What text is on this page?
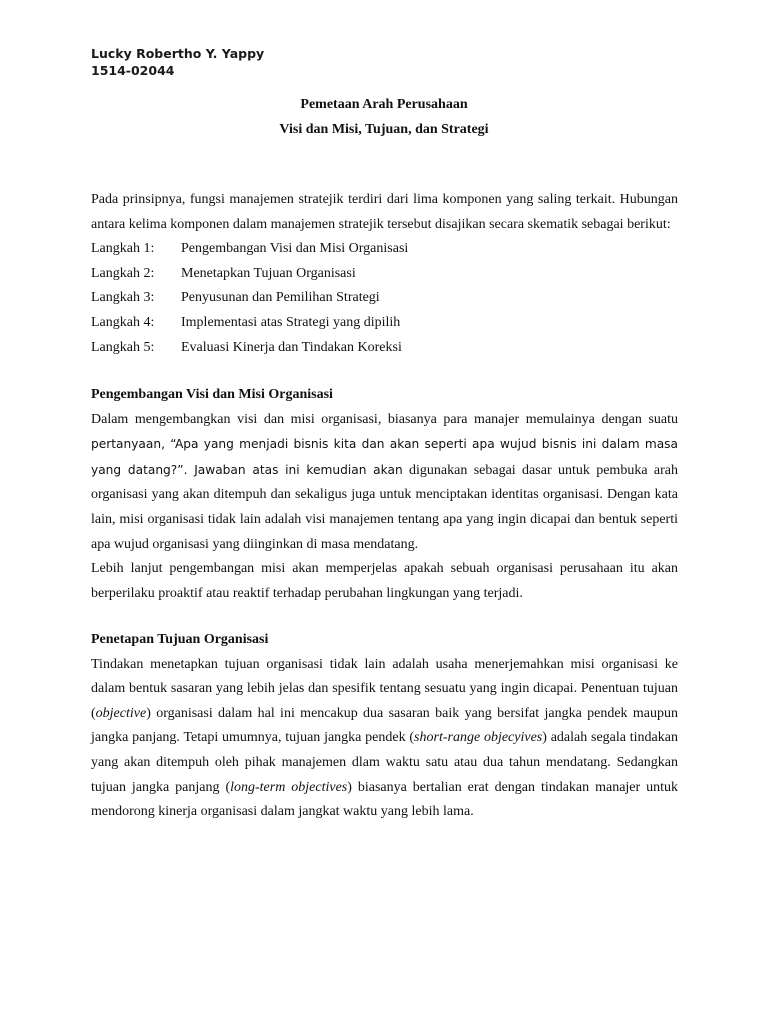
Lucky Robertho Y. Yappy
1514-02044
Pemetaan Arah Perusahaan
Visi dan Misi, Tujuan, dan Strategi

Pada prinsipnya, fungsi manajemen stratejik terdiri dari lima komponen yang saling terkait. Hubungan antara kelima komponen dalam manajemen stratejik tersebut disajikan secara skematik sebagai berikut:

Langkah 1:	Pengembangan Visi dan Misi Organisasi
Langkah 2:	Menetapkan Tujuan Organisasi
Langkah 3:	Penyusunan dan Pemilihan Strategi
Langkah 4:	Implementasi atas Strategi yang dipilih
Langkah 5:	Evaluasi Kinerja dan Tindakan Koreksi
Pengembangan Visi dan Misi Organisasi

Dalam mengembangkan visi dan misi organisasi, biasanya para manajer memulainya dengan suatu pertanyaan, “Apa yang menjadi bisnis kita dan akan seperti apa wujud bisnis ini dalam masa yang datang?”. Jawaban atas ini kemudian akan digunakan sebagai dasar untuk pembuka arah organisasi yang akan ditempuh dan sekaligus juga untuk menciptakan identitas organisasi. Dengan kata lain, misi organisasi tidak lain adalah visi manajemen tentang apa yang ingin dicapai dan bentuk seperti apa wujud organisasi yang diinginkan di masa mendatang.

Lebih lanjut pengembangan misi akan memperjelas apakah sebuah organisasi perusahaan itu akan berperilaku proaktif atau reaktif terhadap perubahan lingkungan yang terjadi.

Penetapan Tujuan Organisasi

Tindakan menetapkan tujuan organisasi tidak lain adalah usaha menerjemahkan misi organisasi ke dalam bentuk sasaran yang lebih jelas dan spesifik tentang sesuatu yang ingin dicapai. Penentuan tujuan (objective) organisasi dalam hal ini mencakup dua sasaran baik yang bersifat jangka pendek maupun jangka panjang. Tetapi umumnya, tujuan jangka pendek (short-range objecyives) adalah segala tindakan yang akan ditempuh oleh pihak manajemen dlam waktu satu atau dua tahun mendatang. Sedangkan tujuan jangka panjang (long-term objectives) biasanya bertalian erat dengan tindakan manajer untuk mendorong kinerja organisasi dalam jangkat waktu yang lebih lama.
